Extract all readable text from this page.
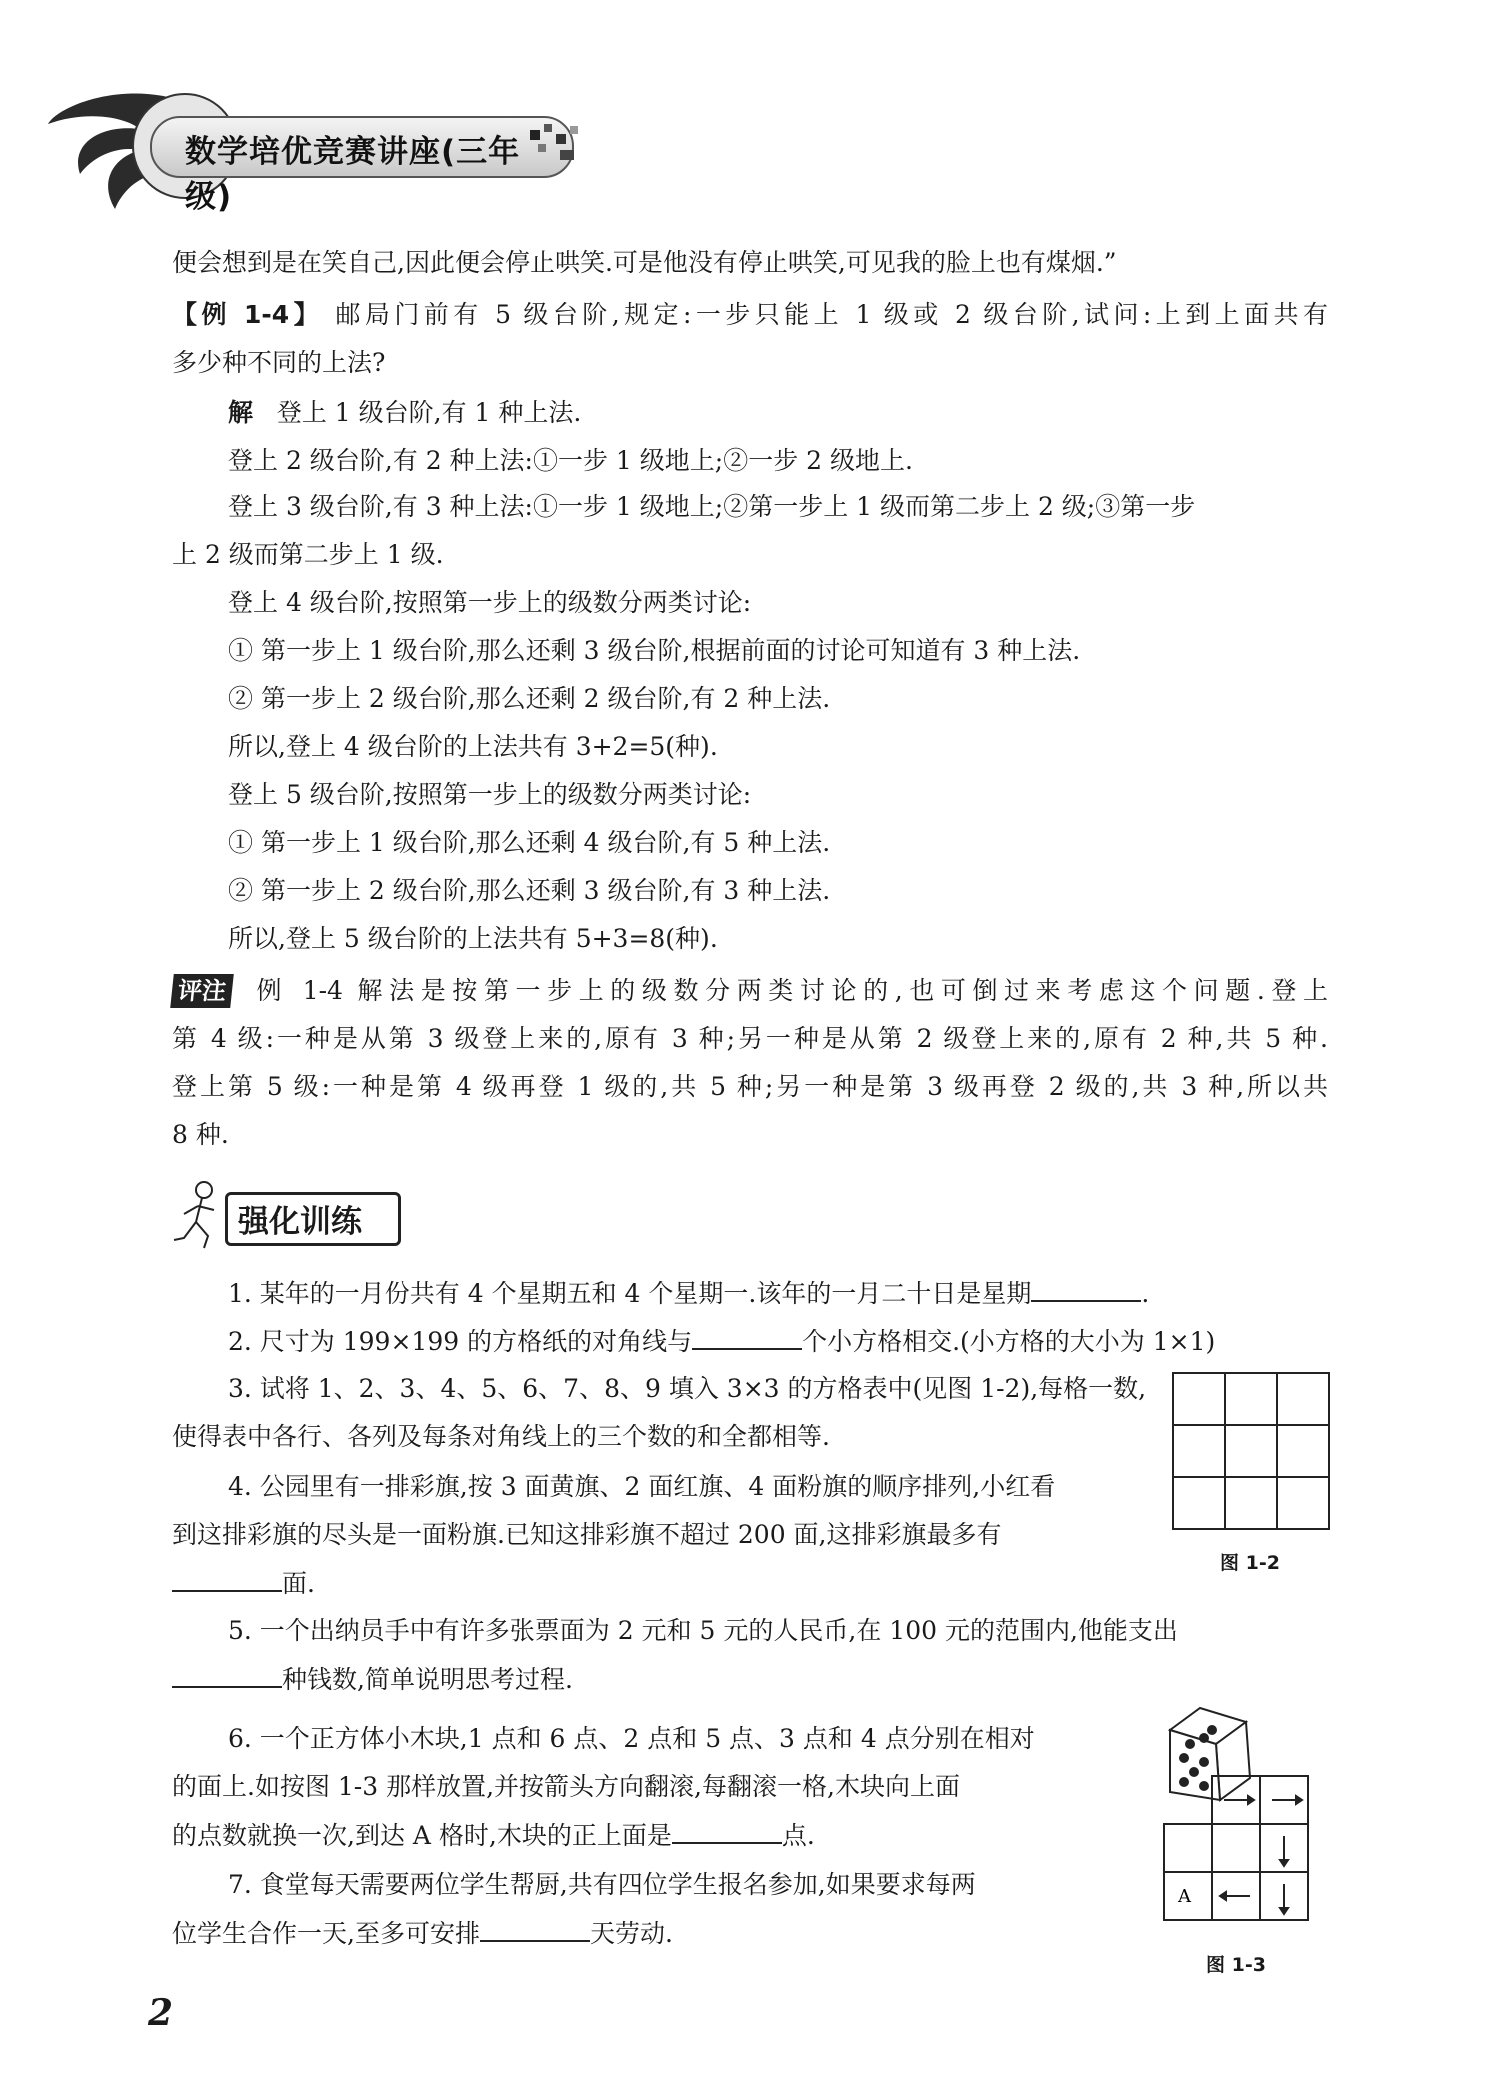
数学培优竞赛讲座(三年级)
便会想到是在笑自己,因此便会停止哄笑.可是他没有停止哄笑,可见我的脸上也有煤烟.”
【例 1-4】 邮局门前有 5 级台阶,规定:一步只能上 1 级或 2 级台阶,试问:上到上面共有
多少种不同的上法?
解 登上 1 级台阶,有 1 种上法.
登上 2 级台阶,有 2 种上法:①一步 1 级地上;②一步 2 级地上.
登上 3 级台阶,有 3 种上法:①一步 1 级地上;②第一步上 1 级而第二步上 2 级;③第一步
上 2 级而第二步上 1 级.
登上 4 级台阶,按照第一步上的级数分两类讨论:
① 第一步上 1 级台阶,那么还剩 3 级台阶,根据前面的讨论可知道有 3 种上法.
② 第一步上 2 级台阶,那么还剩 2 级台阶,有 2 种上法.
所以,登上 4 级台阶的上法共有 3+2=5(种).
登上 5 级台阶,按照第一步上的级数分两类讨论:
① 第一步上 1 级台阶,那么还剩 4 级台阶,有 5 种上法.
② 第一步上 2 级台阶,那么还剩 3 级台阶,有 3 种上法.
所以,登上 5 级台阶的上法共有 5+3=8(种).
评注 例 1-4 解法是按第一步上的级数分两类讨论的,也可倒过来考虑这个问题.登上
第 4 级:一种是从第 3 级登上来的,原有 3 种;另一种是从第 2 级登上来的,原有 2 种,共 5 种.
登上第 5 级:一种是第 4 级再登 1 级的,共 5 种;另一种是第 3 级再登 2 级的,共 3 种,所以共
8 种.
强化训练
1. 某年的一月份共有 4 个星期五和 4 个星期一.该年的一月二十日是星期	.
2. 尺寸为 199×199 的方格纸的对角线与	个小方格相交.(小方格的大小为 1×1)
3. 试将 1、2、3、4、5、6、7、8、9 填入 3×3 的方格表中(见图 1-2),每格一数,
使得表中各行、各列及每条对角线上的三个数的和全都相等.
4. 公园里有一排彩旗,按 3 面黄旗、2 面红旗、4 面粉旗的顺序排列,小红看
到这排彩旗的尽头是一面粉旗.已知这排彩旗不超过 200 面,这排彩旗最多有
面.
5. 一个出纳员手中有许多张票面为 2 元和 5 元的人民币,在 100 元的范围内,他能支出
种钱数,简单说明思考过程.
6. 一个正方体小木块,1 点和 6 点、2 点和 5 点、3 点和 4 点分别在相对
的面上.如按图 1-3 那样放置,并按箭头方向翻滚,每翻滚一格,木块向上面
的点数就换一次,到达 A 格时,木块的正上面是	点.
7. 食堂每天需要两位学生帮厨,共有四位学生报名参加,如果要求每两
位学生合作一天,至多可安排	天劳动.
图 1-2
A
图 1-3
2
